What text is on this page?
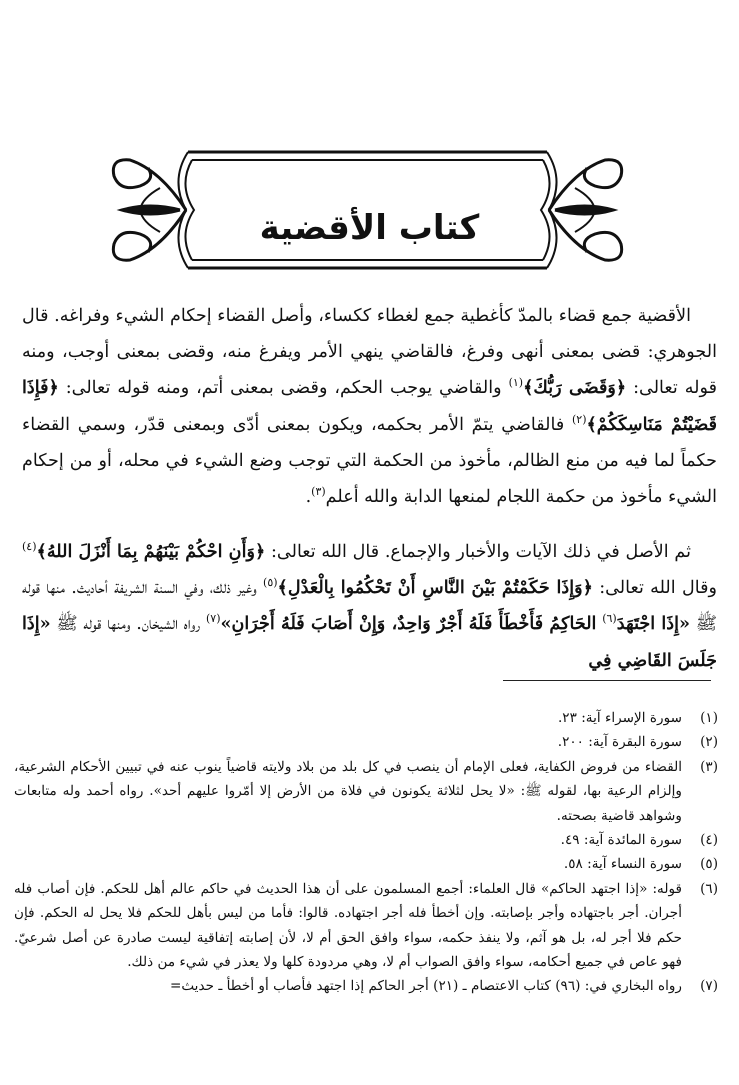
كتاب الأقضية

الأقضية جمع قضاء بالمدّ كأغطية جمع لغطاء ككساء، وأصل القضاء إحكام الشيء وفراغه. قال الجوهري: قضى بمعنى أنهى وفرغ، فالقاضي ينهي الأمر ويفرغ منه، وقضى بمعنى أوجب، ومنه قوله تعالى: ﴿وَقَضَى رَبُّكَ﴾$^{(١)}$ والقاضي يوجب الحكم، وقضى بمعنى أتم، ومنه قوله تعالى: ﴿فَإِذَا قَضَيْتُمْ مَنَاسِكَكُمْ﴾$^{(٢)}$ فالقاضي يتمّ الأمر بحكمه، ويكون بمعنى أدّى وبمعنى قدّر، وسمي القضاء حكماً لما فيه من منع الظالم، مأخوذ من الحكمة التي توجب وضع الشيء في محله، أو من إحكام الشيء مأخوذ من حكمة اللجام لمنعها الدابة والله أعلم$^{(٣)}$.

ثم الأصل في ذلك الآيات والأخبار والإجماع. قال الله تعالى: ﴿وَأَنِ احْكُمْ بَيْنَهُمْ بِمَا أَنْزَلَ اللهُ﴾$^{(٤)}$ وقال الله تعالى: ﴿وَإِذَا حَكَمْتُمْ بَيْنَ النَّاسِ أَنْ تَحْكُمُوا بِالْعَدْلِ﴾$^{(٥)}$ وغير ذلك، وفي السنة الشريفة أحاديث. منها قوله ﷺ «إِذَا اجْتَهَدَ$^{(٦)}$ الحَاكِمُ فَأَخْطَأَ فَلَهُ أَجْرٌ وَاحِدٌ، وَإِنْ أَصَابَ فَلَهُ أَجْرَانِ»$^{(٧)}$ رواه الشيخان. ومنها قوله ﷺ «إِذَا جَلَسَ القَاضِي فِي

(١)
سورة الإسراء آية: ٢٣.
(٢)
سورة البقرة آية: ٢٠٠.
(٣)
القضاء من فروض الكفاية، فعلى الإمام أن ينصب في كل بلد من بلاد ولايته قاضياً ينوب عنه في تبيين الأحكام الشرعية، وإلزام الرعية بها، لقوله ﷺ: «لا يحل لثلاثة يكونون في فلاة من الأرض إلا أمّروا عليهم أحد». رواه أحمد وله متابعات وشواهد قاضية بصحته.
(٤)
سورة المائدة آية: ٤٩.
(٥)
سورة النساء آية: ٥٨.
(٦)
قوله: «إذا اجتهد الحاكم» قال العلماء: أجمع المسلمون على أن هذا الحديث في حاكم عالم أهل للحكم. فإن أصاب فله أجران. أجر باجتهاده وأجر بإصابته. وإن أخطأ فله أجر اجتهاده. قالوا: فأما من ليس بأهل للحكم فلا يحل له الحكم. فإن حكم فلا أجر له، بل هو آثم، ولا ينفذ حكمه، سواء وافق الحق أم لا، لأن إصابته إتفاقية ليست صادرة عن أصل شرعيّ. فهو عاص في جميع أحكامه، سواء وافق الصواب أم لا، وهي مردودة كلها ولا يعذر في شيء من ذلك.
(٧)
رواه البخاري في: (٩٦) كتاب الاعتصام ـ (٢١) أجر الحاكم إذا اجتهد فأصاب أو أخطأ ـ حديث=
